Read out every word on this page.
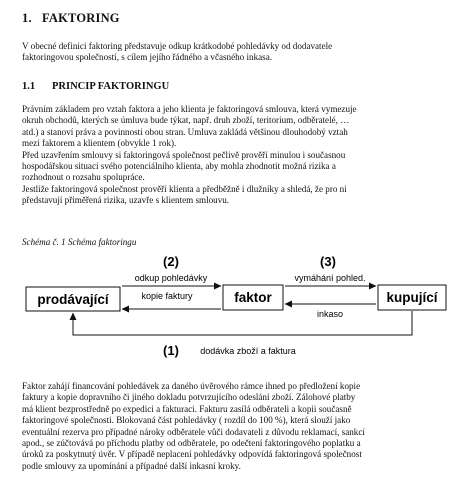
1. FAKTORING
V obecné definici faktoring představuje odkup krátkodobé pohledávky od dodavatele
faktoringovou společností, s cílem jejího řádného a včasného inkasa.
1.1 PRINCIP FAKTORINGU
Právním základem pro vztah faktora a jeho klienta je faktoringová smlouva, která vymezuje
okruh obchodů, kterých se úmluva bude týkat, např. druh zboží, teritorium, odběratelé, …
atd.) a stanoví práva a povinnosti obou stran. Umluva zakládá většinou dlouhodobý vztah
mezi faktorem a klientem (obvykle 1 rok).
Před uzavřením smlouvy si faktoringová společnost pečlivě prověří minulou i současnou
hospodářskou situaci svého potenciálního klienta, aby mohla zhodnotit možná rizika a
rozhodnout o rozsahu spolupráce.
Jestliže faktoringová společnost prověří klienta a předběžně i dlužníky a shledá, že pro ni
představují přiměřená rizika, uzavře s klientem smlouvu.
Schéma č. 1 Schéma faktoringu
prodávající	faktor	kupující
(2)
odkup pohledávky
kopie faktury
(3)
vymáhání pohled.
inkaso
(1) dodávka zboží a faktura
Faktor zahájí financování pohledávek za daného úvěrového rámce ihned po předložení kopie
faktury a kopie dopravního či jiného dokladu potvrzujícího odeslání zboží. Zálohové platby
má klient bezprostředně po expedici a fakturaci. Fakturu zasílá odběrateli a kopii současně
faktoringové společnosti. Blokovaná část pohledávky ( rozdíl do 100 %), která slouží jako
eventuální rezerva pro případné nároky odběratele vůči dodavateli z důvodu reklamací, sankcí
apod., se zúčtovává po příchodu platby od odběratele, po odečtení faktoringového poplatku a
úroků za poskytnutý úvěr. V případě neplacení pohledávky odpovídá faktoringová společnost
podle smlouvy za upomínání a případné další inkasní kroky.
